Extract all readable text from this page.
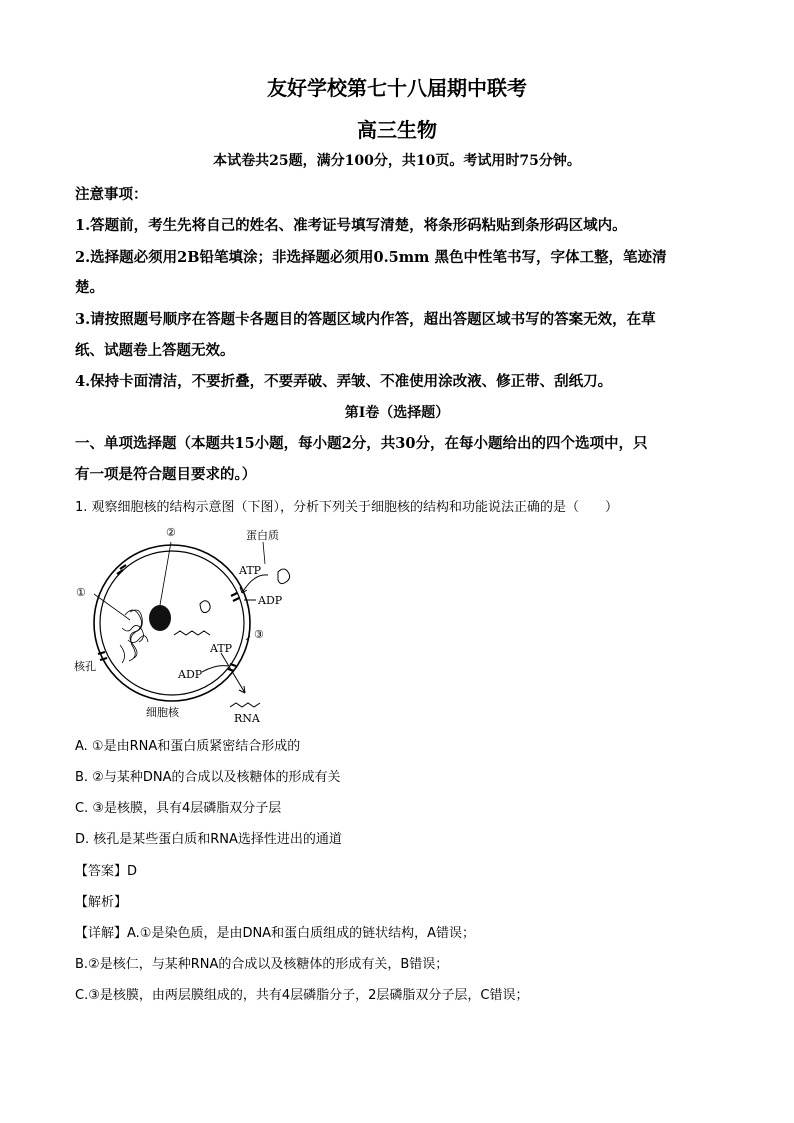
友好学校第七十八届期中联考
高三生物
本试卷共25题，满分100分，共10页。考试用时75分钟。
注意事项：
1.答题前，考生先将自己的姓名、准考证号填写清楚，将条形码粘贴到条形码区域内。
2.选择题必须用2B铅笔填涂；非选择题必须用0.5mm 黑色中性笔书写，字体工整，笔迹清
楚。
3.请按照题号顺序在答题卡各题目的答题区域内作答，超出答题区域书写的答案无效，在草
纸、试题卷上答题无效。
4.保持卡面清洁，不要折叠，不要弄破、弄皱、不准使用涂改液、修正带、刮纸刀。
第I卷（选择题）
一、单项选择题（本题共15小题，每小题2分，共30分，在每小题给出的四个选项中，只
有一项是符合题目要求的。）
1. 观察细胞核的结构示意图（下图），分析下列关于细胞核的结构和功能说法正确的是（　　）
②
①
③
蛋白质
ATP
ADP
ATP
ADP
RNA
核孔
细胞核
A. ①是由RNA和蛋白质紧密结合形成的
B. ②与某种DNA的合成以及核糖体的形成有关
C. ③是核膜，具有4层磷脂双分子层
D. 核孔是某些蛋白质和RNA选择性进出的通道
【答案】D
【解析】
【详解】A.①是染色质，是由DNA和蛋白质组成的链状结构，A错误；
B.②是核仁，与某种RNA的合成以及核糖体的形成有关，B错误；
C.③是核膜，由两层膜组成的，共有4层磷脂分子，2层磷脂双分子层，C错误；
